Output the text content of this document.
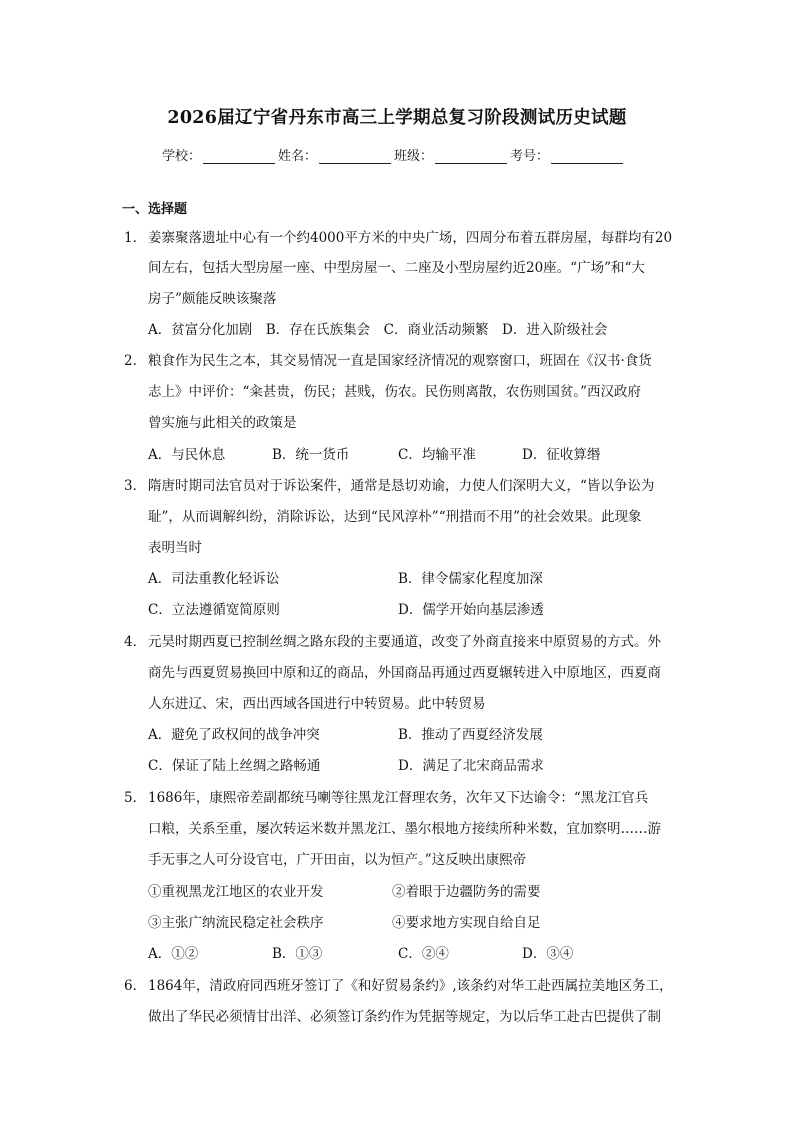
2026届辽宁省丹东市高三上学期总复习阶段测试历史试题
学校：	姓名：	班级：	考号：
一、选择题
1． 姜寨聚落遗址中心有一个约4000平方米的中央广场，四周分布着五群房屋，每群均有20
间左右，包括大型房屋一座、中型房屋一、二座及小型房屋约近20座。“广场”和“大
房子”颇能反映该聚落
A．贫富分化加剧　B．存在氏族集会　C．商业活动频繁　D．进入阶级社会
2． 粮食作为民生之本，其交易情况一直是国家经济情况的观察窗口，班固在《汉书·食货
志上》中评价：“籴甚贵，伤民；甚贱，伤农。民伤则离散，农伤则国贫。”西汉政府
曾实施与此相关的政策是
A．与民休息	B．统一货币	C．均输平准	D．征收算缗
3． 隋唐时期司法官员对于诉讼案件，通常是恳切劝谕，力使人们深明大义，“皆以争讼为
耻”，从而调解纠纷，消除诉讼，达到“民风淳朴”“刑措而不用”的社会效果。此现象
表明当时
A．司法重教化轻诉讼	B．律令儒家化程度加深
C．立法遵循宽简原则	D．儒学开始向基层渗透
4． 元昊时期西夏已控制丝绸之路东段的主要通道，改变了外商直接来中原贸易的方式。外
商先与西夏贸易换回中原和辽的商品，外国商品再通过西夏辗转进入中原地区，西夏商
人东进辽、宋，西出西域各国进行中转贸易。此中转贸易
A．避免了政权间的战争冲突	B．推动了西夏经济发展
C．保证了陆上丝绸之路畅通	D．满足了北宋商品需求
5． 1686年，康熙帝差副都统马喇等往黑龙江督理农务，次年又下达谕令：“黑龙江官兵
口粮，关系至重，屡次转运米数并黑龙江、墨尔根地方接续所种米数，宜加察明……游
手无事之人可分设官屯，广开田亩，以为恒产。”这反映出康熙帝
①重视黑龙江地区的农业开发	②着眼于边疆防务的需要
③主张广纳流民稳定社会秩序	④要求地方实现自给自足
A．①②	B．①③	C．②④	D．③④
6． 1864年，清政府同西班牙签订了《和好贸易条约》,该条约对华工赴西属拉美地区务工，
做出了华民必须情甘出洋、必须签订条约作为凭据等规定，为以后华工赴古巴提供了制
